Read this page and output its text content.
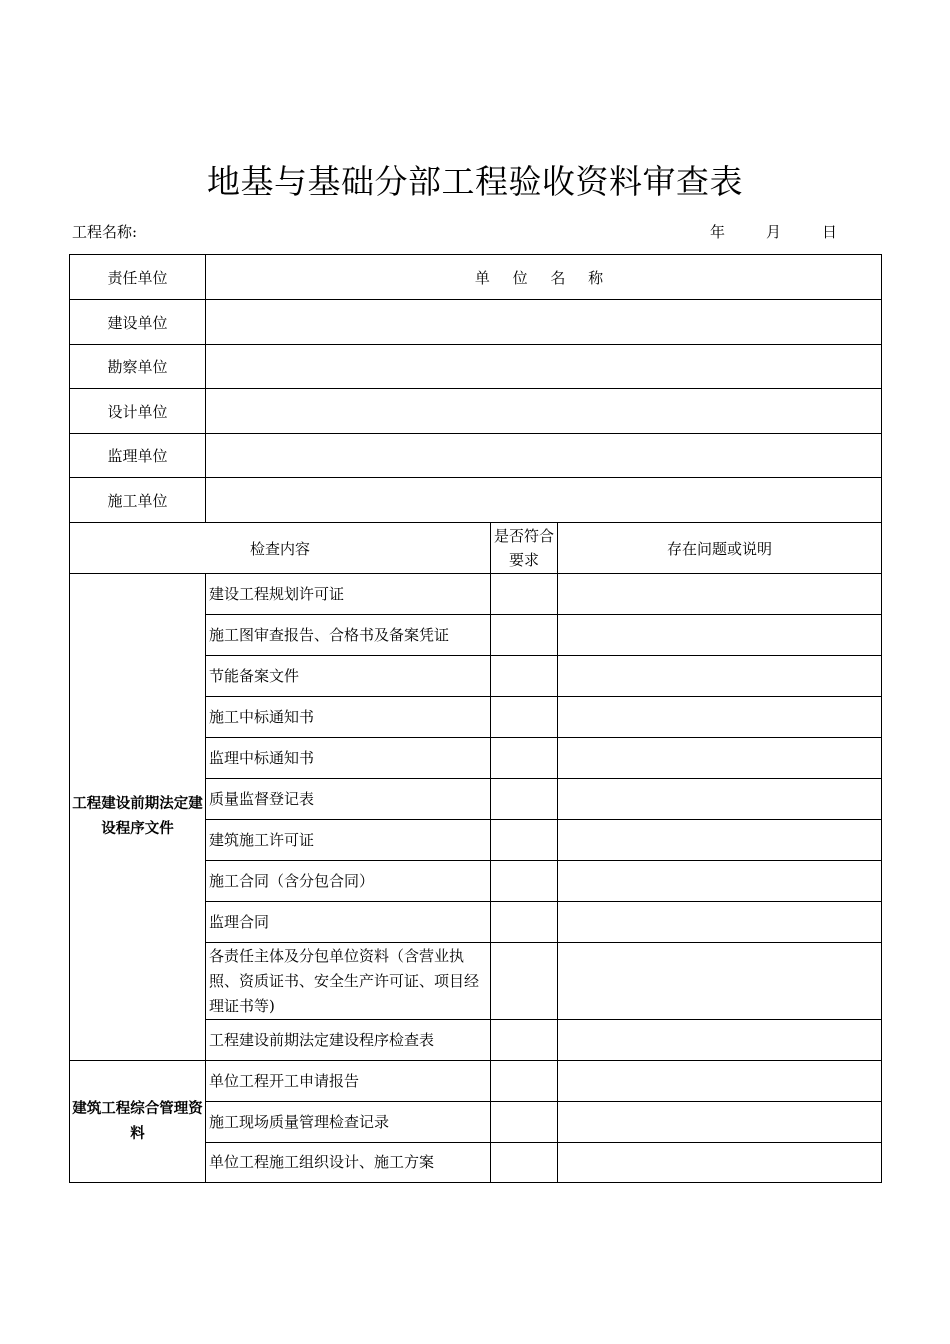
地基与基础分部工程验收资料审查表
工程名称:	年	月	日
责任单位	单 位 名 称		
建设单位			
勘察单位			
设计单位			
监理单位			
施工单位			
检查内容		是否符合要求	存在问题或说明
工程建设前期法定建设程序文件	建设工程规划许可证		
	施工图审查报告、合格书及备案凭证		
	节能备案文件		
	施工中标通知书		
	监理中标通知书		
	质量监督登记表		
	建筑施工许可证		
	施工合同（含分包合同）		
	监理合同		
	各责任主体及分包单位资料（含营业执照、资质证书、安全生产许可证、项目经理证书等)		
	工程建设前期法定建设程序检查表		
建筑工程综合管理资料	单位工程开工申请报告		
	施工现场质量管理检查记录		
	单位工程施工组织设计、施工方案		
